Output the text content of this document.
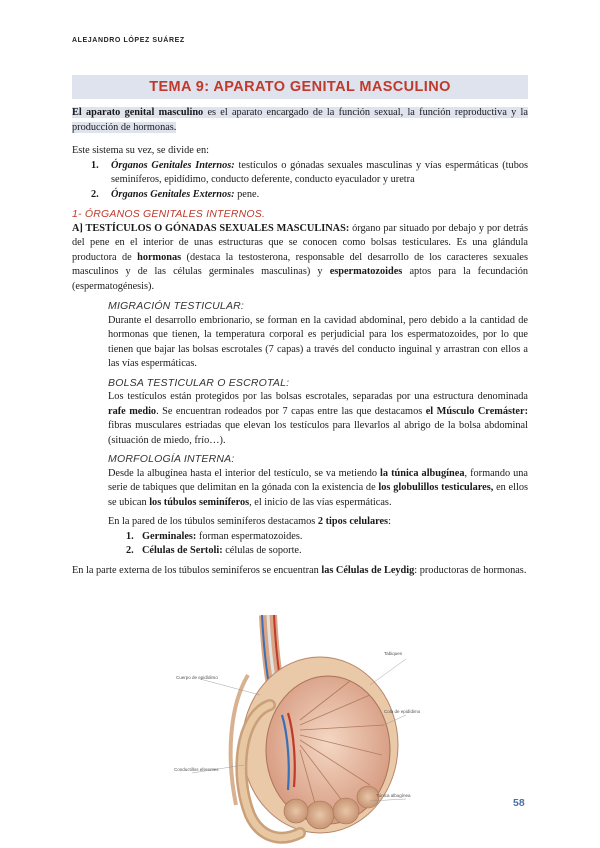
ALEJANDRO LÓPEZ SUÁREZ
TEMA 9: APARATO GENITAL MASCULINO

El aparato genital masculino es el aparato encargado de la función sexual, la función reproductiva y la producción de hormonas.

Este sistema su vez, se divide en:

1.	Órganos Genitales Internos: testículos o gónadas sexuales masculinas y vías espermáticas (tubos seminíferos, epidídimo, conducto deferente, conducto eyaculador y uretra
2.	Órganos Genitales Externos: pene.

1- ÓRGANOS GENITALES INTERNOS.

A] TESTÍCULOS O GÓNADAS SEXUALES MASCULINAS: órgano par situado por debajo y por detrás del pene en el interior de unas estructuras que se conocen como bolsas testiculares. Es una glándula productora de hormonas (destaca la testosterona, responsable del desarrollo de los caracteres sexuales masculinos y de las células germinales masculinas) y espermatozoides aptos para la fecundación (espermatogénesis).

MIGRACIÓN TESTICULAR:

Durante el desarrollo embrionario, se forman en la cavidad abdominal, pero debido a la cantidad de hormonas que tienen, la temperatura corporal es perjudicial para los espermatozoides, por lo que tienen que bajar las bolsas escrotales (7 capas) a través del conducto inguinal y arrastran con ellos a las vías espermáticas.

BOLSA TESTICULAR O ESCROTAL:

Los testículos están protegidos por las bolsas escrotales, separadas por una estructura denominada rafe medio. Se encuentran rodeados por 7 capas entre las que destacamos el Músculo Cremáster: fibras musculares estriadas que elevan los testículos para llevarlos al abrigo de la bolsa abdominal (situación de miedo, frío…).

MORFOLOGÍA INTERNA:

Desde la albugínea hasta el interior del testículo, se va metiendo la túnica albugínea, formando una serie de tabiques que delimitan en la gónada con la existencia de los globulillos testiculares, en ellos se ubican los túbulos seminíferos, el inicio de las vías espermáticas.

En la pared de los túbulos seminíferos destacamos 2 tipos celulares:

1. Germinales: forman espermatozoides.
2. Células de Sertoli: células de soporte.

En la parte externa de los túbulos seminíferos se encuentran las Células de Leydig: productoras de hormonas.

Cuerpo de epidídimo
Tabiques
Conductillos eferentes
Cola de epidídimo
Túnica albugínea
58
